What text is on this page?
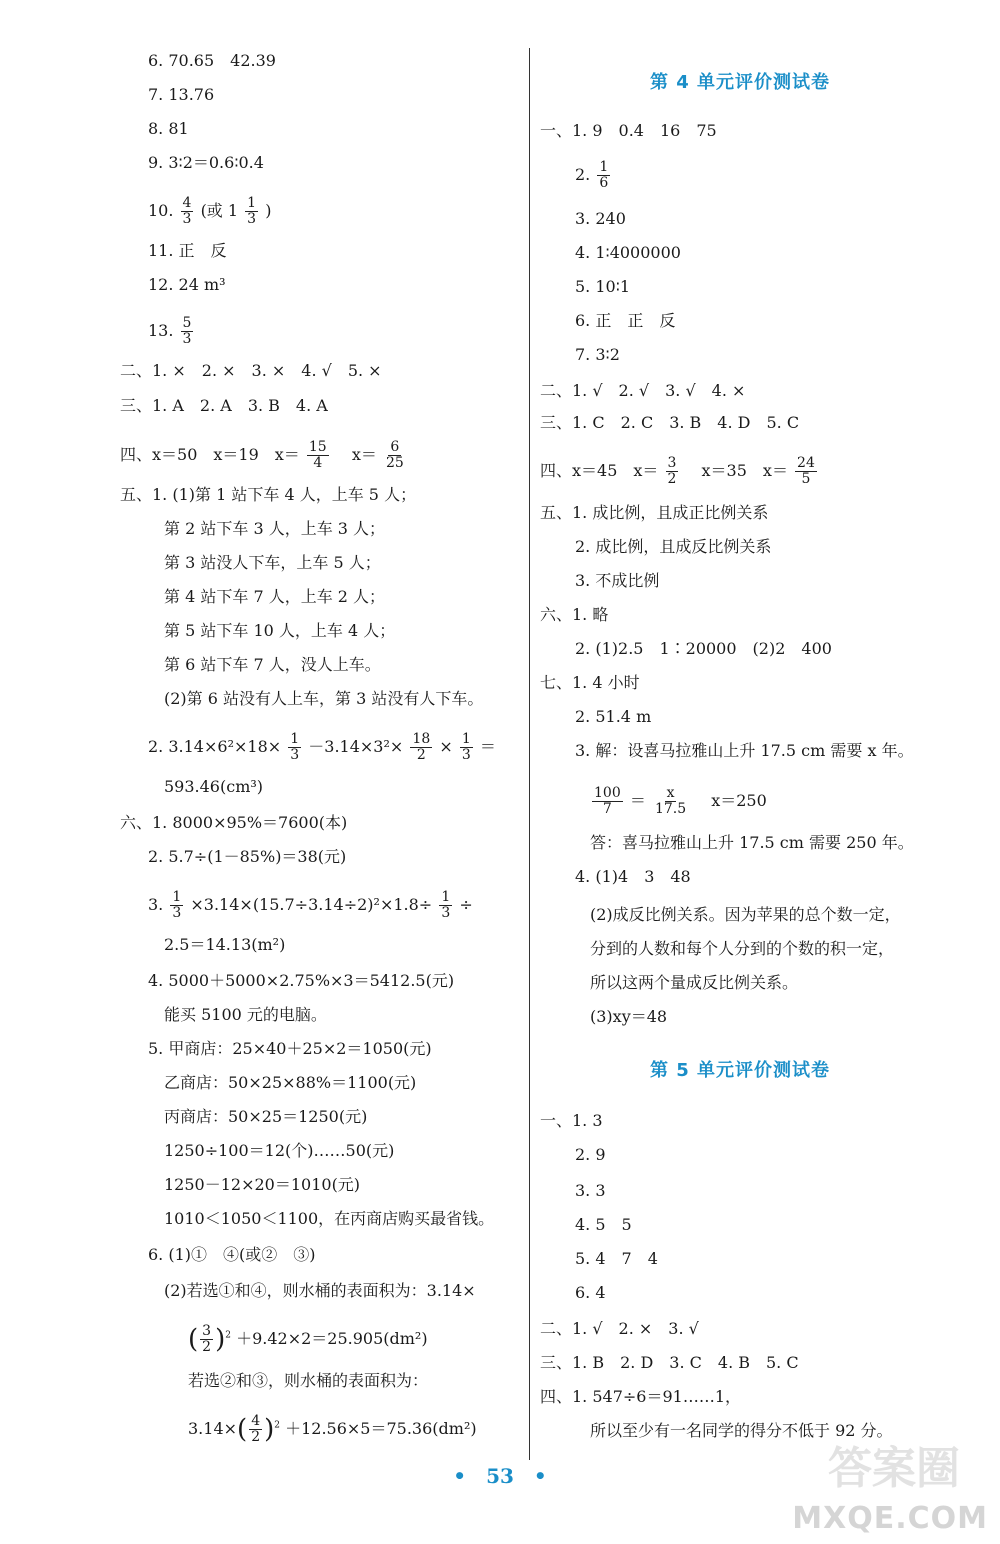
6. 70.65　42.39
7. 13.76
8. 81
9. 3∶2＝0.6∶0.4
10. $\frac{4}{3}$ (或 $1 \frac{1}{3}$ )
11. 正　反
12. 24 m³
13. $\frac{5}{3}$
二、1. ×　2. ×　3. ×　4. √　5. ×
三、1. A　2. A　3. B　4. A
四、x＝50　x＝19　$x= \frac{15}{4}$ 　$x= \frac{6}{25}$
五、1. (1)第 1 站下车 4 人，上车 5 人；
第 2 站下车 3 人，上车 3 人；
第 3 站没人下车，上车 5 人；
第 4 站下车 7 人，上车 2 人；
第 5 站下车 10 人，上车 4 人；
第 6 站下车 7 人，没人上车。
(2)第 6 站没有人上车，第 3 站没有人下车。
2. $3.14\times 6^2\times 18\times \frac{1}{3} -3.14\times 3^2\times \frac{18}{2} \times \frac{1}{3}$ ＝
593.46(cm³)
六、1. 8000×95%＝7600(本)
2. 5.7÷(1－85%)＝38(元)
3. $\frac{1}{3} \times 3.14\times(15.7\div 3.14\div 2)^2\times 1.8\div \frac{1}{3}$ ÷
2.5＝14.13(m²)
4. 5000＋5000×2.75%×3＝5412.5(元)
能买 5100 元的电脑。
5. 甲商店：25×40＋25×2＝1050(元)
乙商店：50×25×88%＝1100(元)
丙商店：50×25＝1250(元)
1250÷100＝12(个)……50(元)
1250－12×20＝1010(元)
1010＜1050＜1100，在丙商店购买最省钱。
6. (1)①　④(或②　③)
(2)若选①和④，则水桶的表面积为：3.14×
( $\frac{3}{2} )^2 +9.42\times 2=25.905(dm^2)$
若选②和③，则水桶的表面积为：
$3.14\times( \frac{4}{2} )^2 +12.56\times 5=75.36(dm^2)$
第 4 单元评价测试卷
一、1. 9　0.4　16　75
2. $\frac{1}{6}$
3. 240
4. 1∶4000000
5. 10∶1
6. 正　正　反
7. 3∶2
二、1. √　2. √　3. √　4. ×
三、1. C　2. C　3. B　4. D　5. C
四、x＝45　$x= \frac{3}{2}$ 　x＝35　$x= \frac{24}{5}$
五、1. 成比例，且成正比例关系
2. 成比例，且成反比例关系
3. 不成比例
六、1. 略
2. (1)2.5　1∶20000　(2)2　400
七、1. 4 小时
2. 51.4 m
3. 解：设喜马拉雅山上升 17.5 cm 需要 x 年。
$\frac{100}{7} = \frac{x}{17.5}$ 　x＝250
答：喜马拉雅山上升 17.5 cm 需要 250 年。
4. (1)4　3　48
(2)成反比例关系。因为苹果的总个数一定，
分到的人数和每个人分到的个数的积一定，
所以这两个量成反比例关系。
(3)xy＝48
第 5 单元评价测试卷
一、1. 3
2. 9
3. 3
4. 5　5
5. 4　7　4
6. 4
二、1. √　2. ×　3. √
三、1. B　2. D　3. C　4. B　5. C
四、1. 547÷6＝91……1，
所以至少有一名同学的得分不低于 92 分。
•　53　•	答案圈
MXQE.COM
